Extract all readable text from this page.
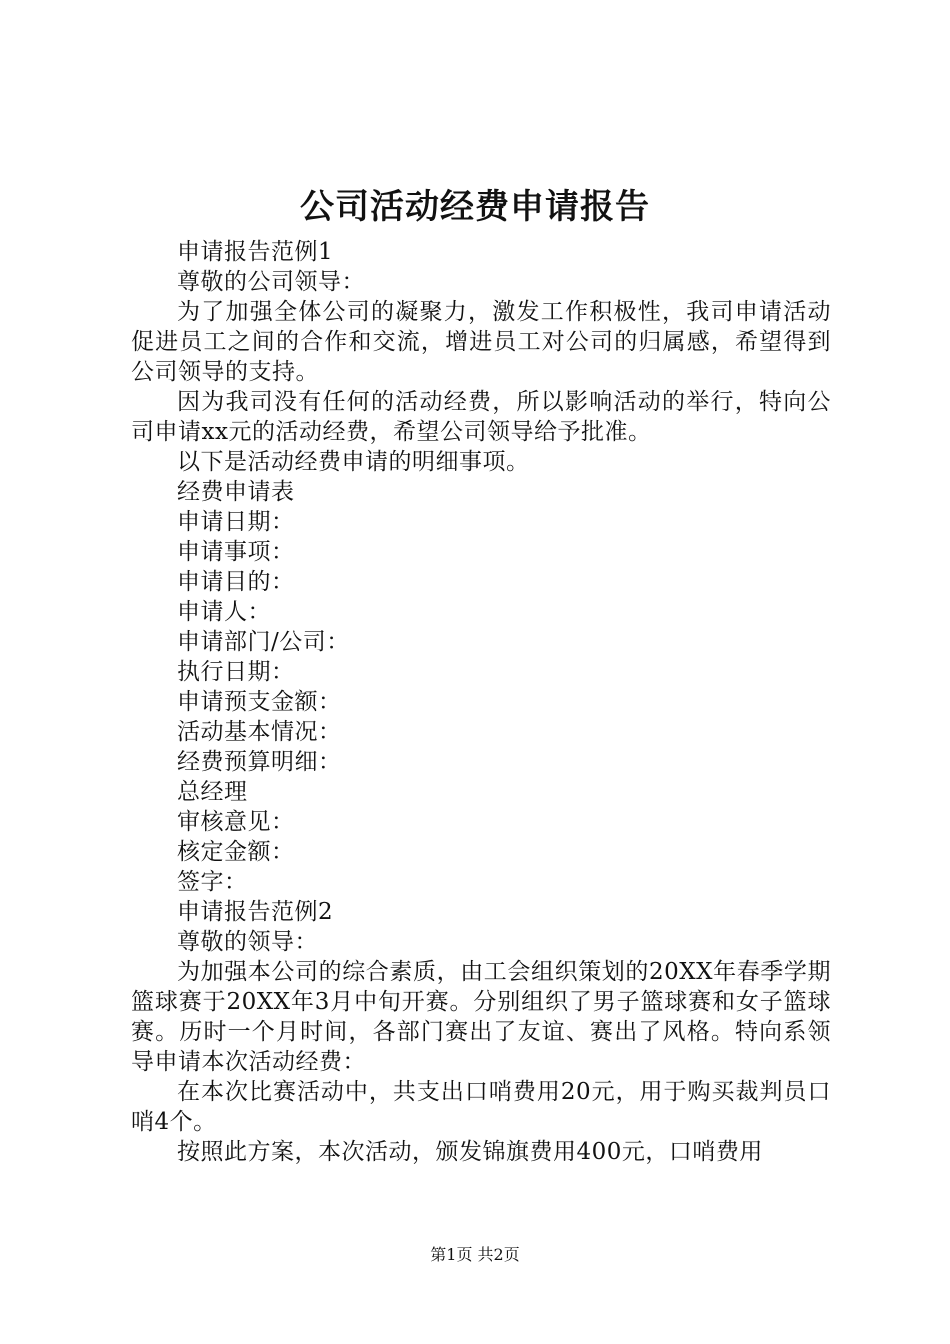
公司活动经费申请报告

申请报告范例1

尊敬的公司领导：

为了加强全体公司的凝聚力，激发工作积极性，我司申请活动促进员工之间的合作和交流，增进员工对公司的归属感，希望得到公司领导的支持。

因为我司没有任何的活动经费，所以影响活动的举行，特向公司申请xx元的活动经费，希望公司领导给予批准。

以下是活动经费申请的明细事项。

经费申请表

申请日期：

申请事项：

申请目的：

申请人：

申请部门/公司：

执行日期：

申请预支金额：

活动基本情况：

经费预算明细：

总经理

审核意见：

核定金额：

签字：

申请报告范例2

尊敬的领导：

为加强本公司的综合素质，由工会组织策划的20XX年春季学期篮球赛于20XX年3月中旬开赛。分别组织了男子篮球赛和女子篮球赛。历时一个月时间，各部门赛出了友谊、赛出了风格。特向系领导申请本次活动经费：

在本次比赛活动中，共支出口哨费用20元，用于购买裁判员口哨4个。

按照此方案，本次活动，颁发锦旗费用400元，口哨费用

第1页 共2页
